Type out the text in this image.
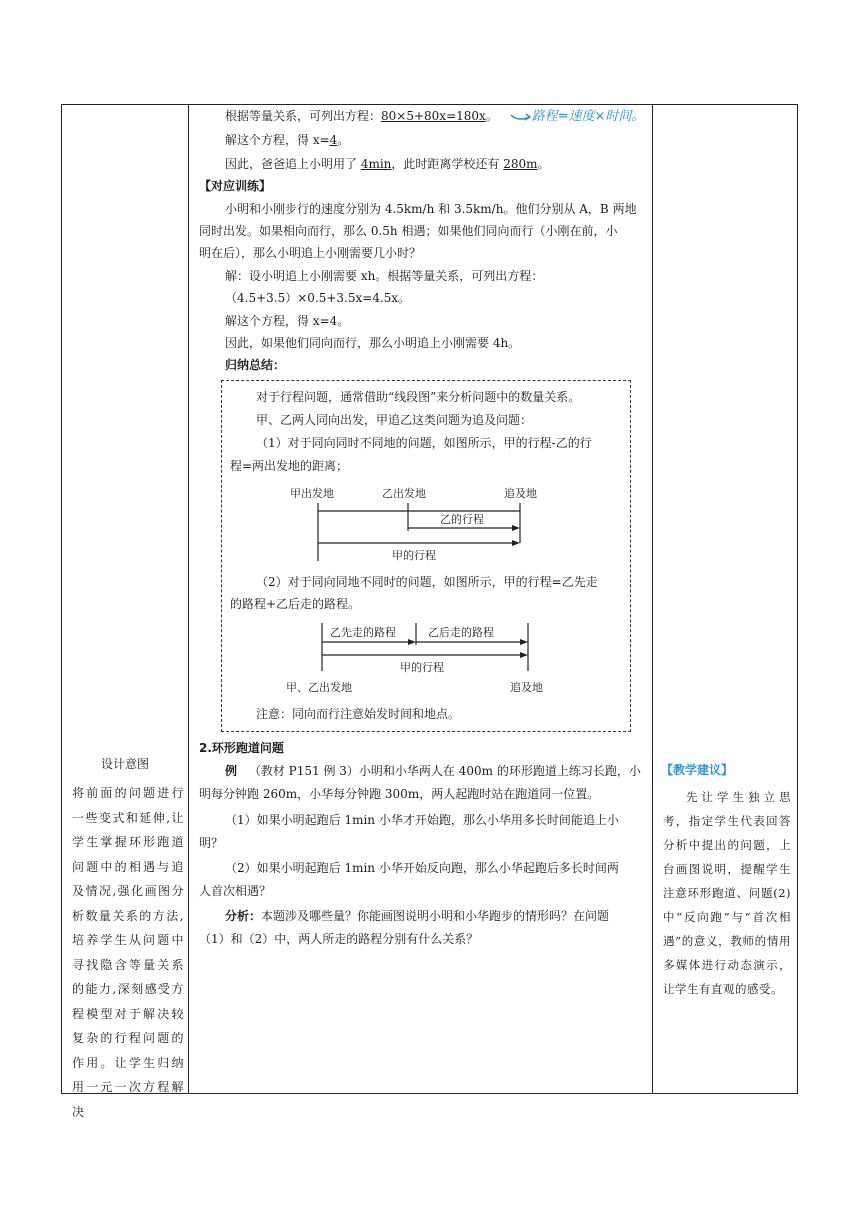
设计意图
将前面的问题进行一些变式和延伸,让学生掌握环形跑道问题中的相遇与追及情况,强化画图分析数量关系的方法,培养学生从问题中寻找隐含等量关系的能力,深刻感受方程模型对于解决较复杂的行程问题的作用。让学生归纳用一元一次方程解决
根据等量关系，可列出方程：80×5+80x=180x。	路程=速度×时间。
解这个方程，得 x=4。
因此，爸爸追上小明用了 4min，此时距离学校还有 280m。
【对应训练】
小明和小刚步行的速度分别为 4.5km/h 和 3.5km/h。他们分别从 A，B 两地
同时出发。如果相向而行，那么 0.5h 相遇；如果他们同向而行（小刚在前，小
明在后），那么小明追上小刚需要几小时？
解：设小明追上小刚需要 xh。根据等量关系，可列出方程：
（4.5+3.5）×0.5+3.5x=4.5x。
解这个方程，得 x=4。
因此，如果他们同向而行，那么小明追上小刚需要 4h。
归纳总结：
对于行程问题，通常借助“线段图”来分析问题中的数量关系。
甲、乙两人同向出发，甲追乙这类问题为追及问题：
（1）对于同向同时不同地的问题，如图所示，甲的行程-乙的行
程=两出发地的距离；
甲出发地	乙出发地	追及地
乙的行程
甲的行程
（2）对于同向同地不同时的问题，如图所示，甲的行程=乙先走
的路程+乙后走的路程。
乙先走的路程	乙后走的路程
甲的行程
甲、乙出发地	追及地
注意：同向而行注意始发时间和地点。
2.环形跑道问题
例 （教材 P151 例 3）小明和小华两人在 400m 的环形跑道上练习长跑，小
明每分钟跑 260m，小华每分钟跑 300m，两人起跑时站在跑道同一位置。
（1）如果小明起跑后 1min 小华才开始跑，那么小华用多长时间能追上小
明？
（2）如果小明起跑后 1min 小华开始反向跑，那么小华起跑后多长时间两
人首次相遇？
分析：本题涉及哪些量？你能画图说明小明和小华跑步的情形吗？在问题
（1）和（2）中，两人所走的路程分别有什么关系？
【教学建议】
先让学生独立思考，指定学生代表回答分析中提出的问题，上台画图说明，提醒学生注意环形跑道、问题(2)中“反向跑”与“首次相遇”的意义，教师的情用多媒体进行动态演示，让学生有直观的感受。
